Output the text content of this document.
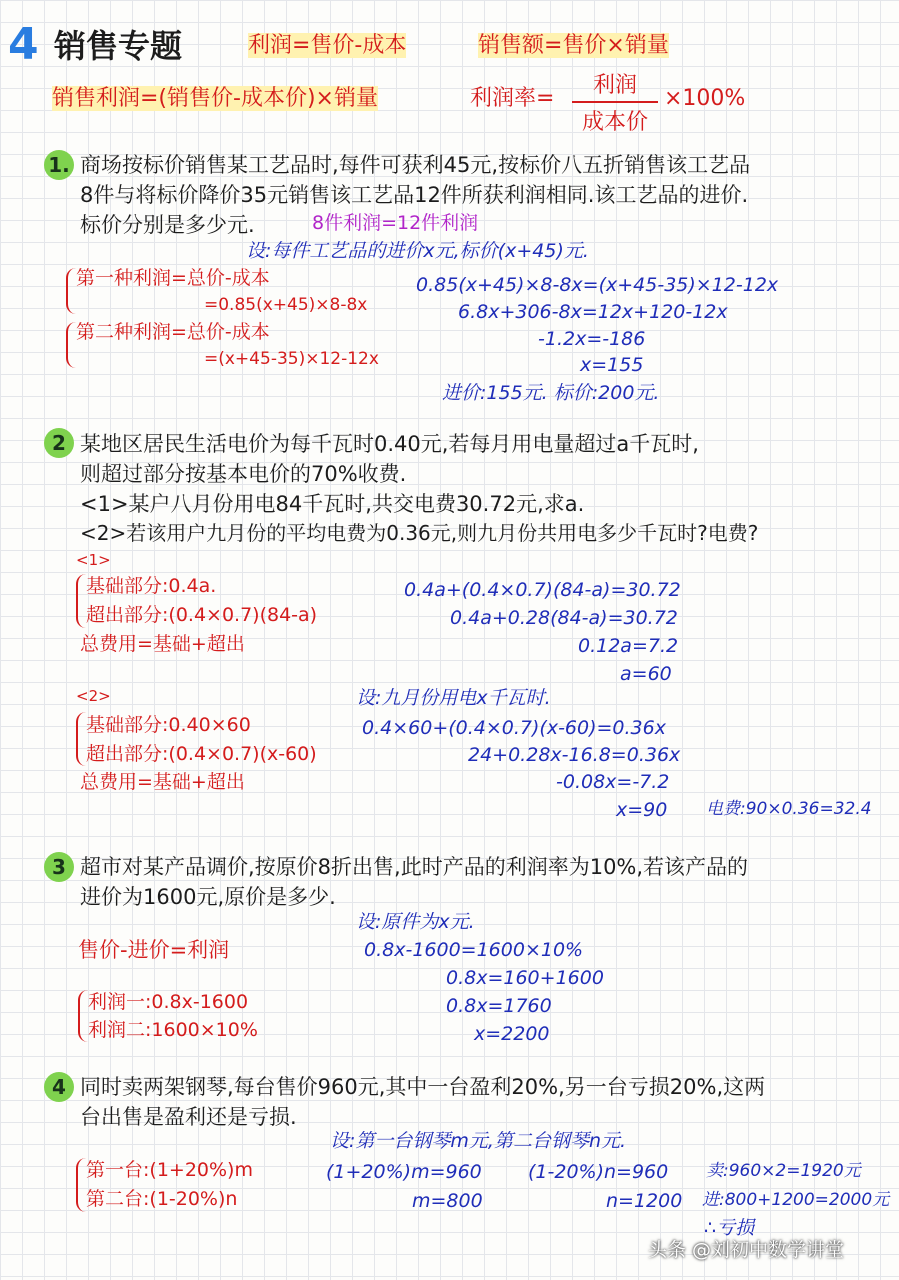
4 销售专题	利润=售价-成本	销售额=售价×销量
销售利润=(销售价-成本价)×销量	利润率=
利润
成本价
×100%
1. 商场按标价销售某工艺品时,每件可获利45元,按标价八五折销售该工艺品
8件与将标价降价35元销售该工艺品12件所获利润相同.该工艺品的进价.
标价分别是多少元.	8件利润=12件利润
设:每件工艺品的进价x元,标价(x+45)元.
第一种利润=总价-成本
=0.85(x+45)×8-8x
第二种利润=总价-成本
=(x+45-35)×12-12x
0.85(x+45)×8-8x=(x+45-35)×12-12x
6.8x+306-8x=12x+120-12x
-1.2x=-186
x=155
进价:155元. 标价:200元.
2 某地区居民生活电价为每千瓦时0.40元,若每月用电量超过a千瓦时,
则超过部分按基本电价的70%收费.
<1>某户八月份用电84千瓦时,共交电费30.72元,求a.
<2>若该用户九月份的平均电费为0.36元,则九月份共用电多少千瓦时?电费?
<1>
基础部分:0.4a.
超出部分:(0.4×0.7)(84-a)
总费用=基础+超出
0.4a+(0.4×0.7)(84-a)=30.72
0.4a+0.28(84-a)=30.72
0.12a=7.2
a=60
<2>	设:九月份用电x千瓦时.
基础部分:0.40×60
超出部分:(0.4×0.7)(x-60)
总费用=基础+超出
0.4×60+(0.4×0.7)(x-60)=0.36x
24+0.28x-16.8=0.36x
-0.08x=-7.2
x=90 电费:90×0.36=32.4
3 超市对某产品调价,按原价8折出售,此时产品的利润率为10%,若该产品的
进价为1600元,原价是多少.
设:原件为x元.
售价-进价=利润
利润一:0.8x-1600
利润二:1600×10%
0.8x-1600=1600×10%
0.8x=160+1600
0.8x=1760
x=2200
4 同时卖两架钢琴,每台售价960元,其中一台盈利20%,另一台亏损20%,这两
台出售是盈利还是亏损.
设:第一台钢琴m元,第二台钢琴n元.
第一台:(1+20%)m
第二台:(1-20%)n
(1+20%)m=960
m=800
(1-20%)n=960
n=1200
卖:960×2=1920元
进:800+1200=2000元
∴亏损
头条 @刘初中数学讲堂
